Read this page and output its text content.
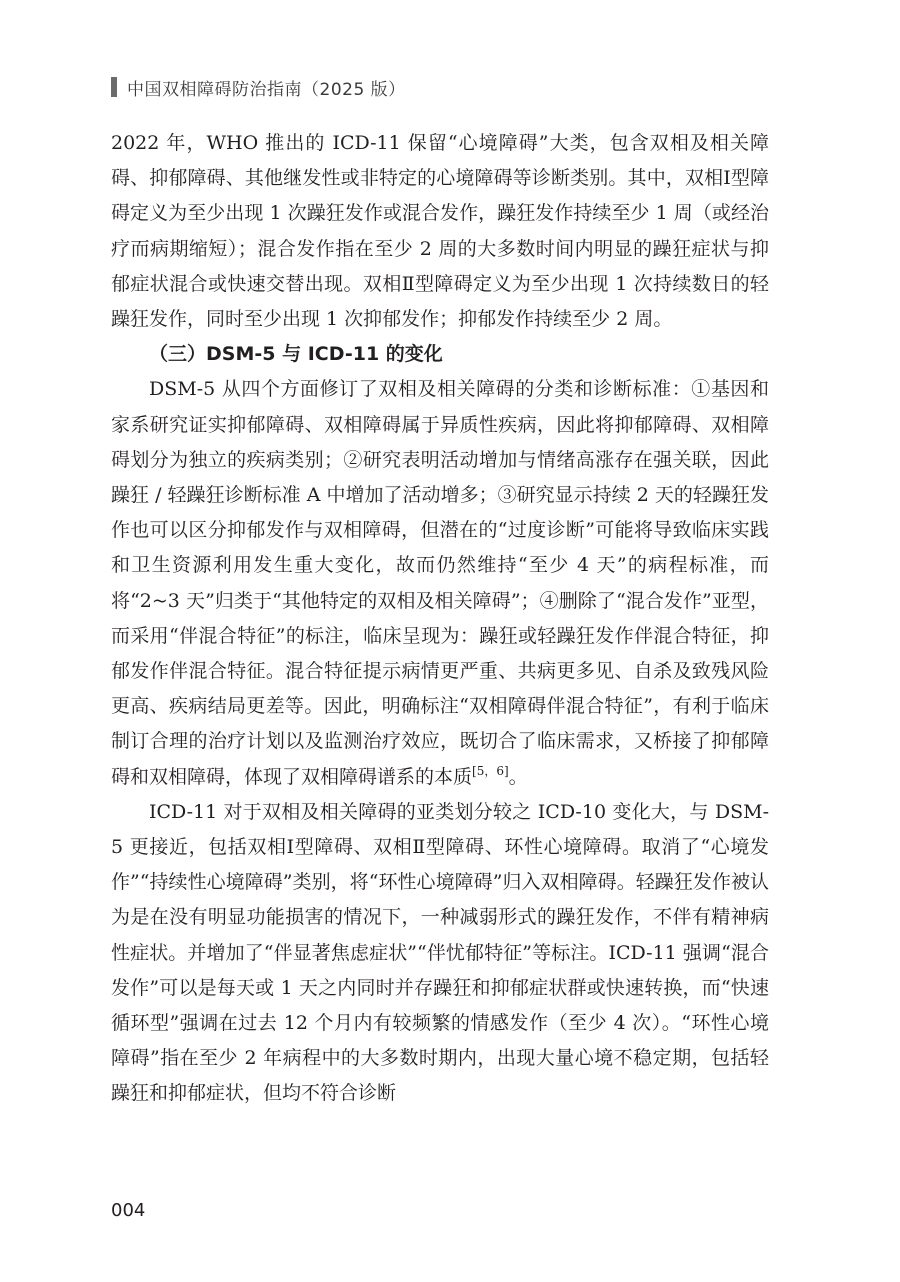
中国双相障碍防治指南（2025 版）

2022 年，WHO 推出的 ICD-11 保留“心境障碍”大类，包含双相及相关障碍、抑郁障碍、其他继发性或非特定的心境障碍等诊断类别。其中，双相Ⅰ型障碍定义为至少出现 1 次躁狂发作或混合发作，躁狂发作持续至少 1 周（或经治疗而病期缩短）；混合发作指在至少 2 周的大多数时间内明显的躁狂症状与抑郁症状混合或快速交替出现。双相Ⅱ型障碍定义为至少出现 1 次持续数日的轻躁狂发作，同时至少出现 1 次抑郁发作；抑郁发作持续至少 2 周。

（三）DSM-5 与 ICD-11 的变化

DSM-5 从四个方面修订了双相及相关障碍的分类和诊断标准：①基因和家系研究证实抑郁障碍、双相障碍属于异质性疾病，因此将抑郁障碍、双相障碍划分为独立的疾病类别；②研究表明活动增加与情绪高涨存在强关联，因此躁狂 / 轻躁狂诊断标准 A 中增加了活动增多；③研究显示持续 2 天的轻躁狂发作也可以区分抑郁发作与双相障碍，但潜在的“过度诊断”可能将导致临床实践和卫生资源利用发生重大变化，故而仍然维持“至少 4 天”的病程标准，而将“2~3 天”归类于“其他特定的双相及相关障碍”；④删除了“混合发作”亚型，而采用“伴混合特征”的标注，临床呈现为：躁狂或轻躁狂发作伴混合特征，抑郁发作伴混合特征。混合特征提示病情更严重、共病更多见、自杀及致残风险更高、疾病结局更差等。因此，明确标注“双相障碍伴混合特征”，有利于临床制订合理的治疗计划以及监测治疗效应，既切合了临床需求，又桥接了抑郁障碍和双相障碍，体现了双相障碍谱系的本质[5，6]。

ICD-11 对于双相及相关障碍的亚类划分较之 ICD-10 变化大，与 DSM-5 更接近，包括双相Ⅰ型障碍、双相Ⅱ型障碍、环性心境障碍。取消了“心境发作”“持续性心境障碍”类别，将“环性心境障碍”归入双相障碍。轻躁狂发作被认为是在没有明显功能损害的情况下，一种减弱形式的躁狂发作，不伴有精神病性症状。并增加了“伴显著焦虑症状”“伴忧郁特征”等标注。ICD-11 强调“混合发作”可以是每天或 1 天之内同时并存躁狂和抑郁症状群或快速转换，而“快速循环型”强调在过去 12 个月内有较频繁的情感发作（至少 4 次）。“环性心境障碍”指在至少 2 年病程中的大多数时期内，出现大量心境不稳定期，包括轻躁狂和抑郁症状，但均不符合诊断

004
